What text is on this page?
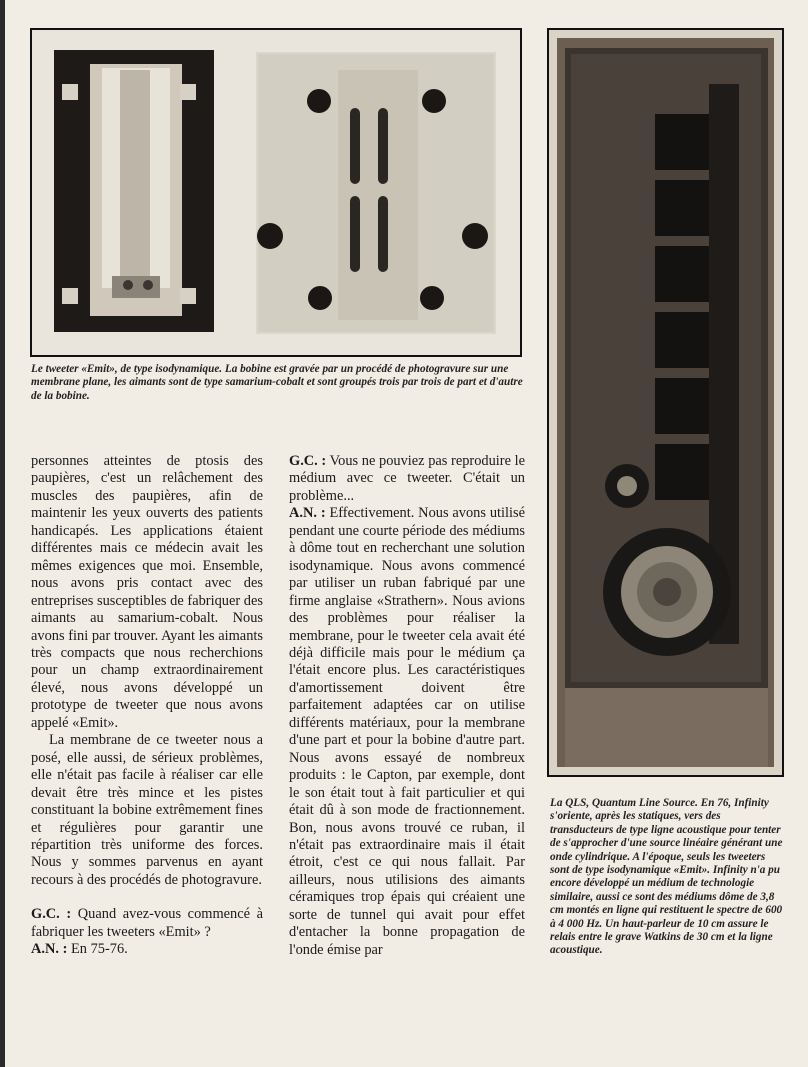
Le tweeter «Emit», de type isodynamique. La bobine est gravée par un procédé de photogravure sur une membrane plane, les aimants sont de type samarium-cobalt et sont groupés trois par trois de part et d'autre de la bobine.

La QLS, Quantum Line Source. En 76, Infinity s'oriente, après les statiques, vers des transducteurs de type ligne acoustique pour tenter de s'approcher d'une source linéaire générant une onde cylindrique. A l'époque, seuls les tweeters sont de type isodynamique «Emit». Infinity n'a pu encore développé un médium de technologie similaire, aussi ce sont des médiums dôme de 3,8 cm montés en ligne qui restituent le spectre de 600 à 4 000 Hz. Un haut-parleur de 10 cm assure le relais entre le grave Watkins de 30 cm et la ligne acoustique.

personnes atteintes de ptosis des paupières, c'est un relâchement des muscles des paupières, afin de maintenir les yeux ouverts des patients handicapés. Les applications étaient différentes mais ce médecin avait les mêmes exigences que moi. Ensemble, nous avons pris contact avec des entreprises susceptibles de fabriquer des aimants au samarium-cobalt. Nous avons fini par trouver. Ayant les aimants très compacts que nous recherchions pour un champ extraordinairement élevé, nous avons développé un prototype de tweeter que nous avons appelé «Emit».

La membrane de ce tweeter nous a posé, elle aussi, de sérieux problèmes, elle n'était pas facile à réaliser car elle devait être très mince et les pistes constituant la bobine extrêmement fines et régulières pour garantir une répartition très uniforme des forces. Nous y sommes parvenus en ayant recours à des procédés de photogravure.

G.C. : Quand avez-vous commencé à fabriquer les tweeters «Emit» ?

A.N. : En 75-76.

G.C. : Vous ne pouviez pas reproduire le médium avec ce tweeter. C'était un problème...

A.N. : Effectivement. Nous avons utilisé pendant une courte période des médiums à dôme tout en recherchant une solution isodynamique. Nous avons commencé par utiliser un ruban fabriqué par une firme anglaise «Strathern». Nous avions des problèmes pour réaliser la membrane, pour le tweeter cela avait été déjà difficile mais pour le médium ça l'était encore plus. Les caractéristiques d'amortissement doivent être parfaitement adaptées car on utilise différents matériaux, pour la membrane d'une part et pour la bobine d'autre part. Nous avons essayé de nombreux produits : le Capton, par exemple, dont le son était tout à fait particulier et qui était dû à son mode de fractionnement. Bon, nous avons trouvé ce ruban, il n'était pas extraordinaire mais il était étroit, c'est ce qui nous fallait. Par ailleurs, nous utilisions des aimants céramiques trop épais qui créaient une sorte de tunnel qui avait pour effet d'entacher la bonne propagation de l'onde émise par
